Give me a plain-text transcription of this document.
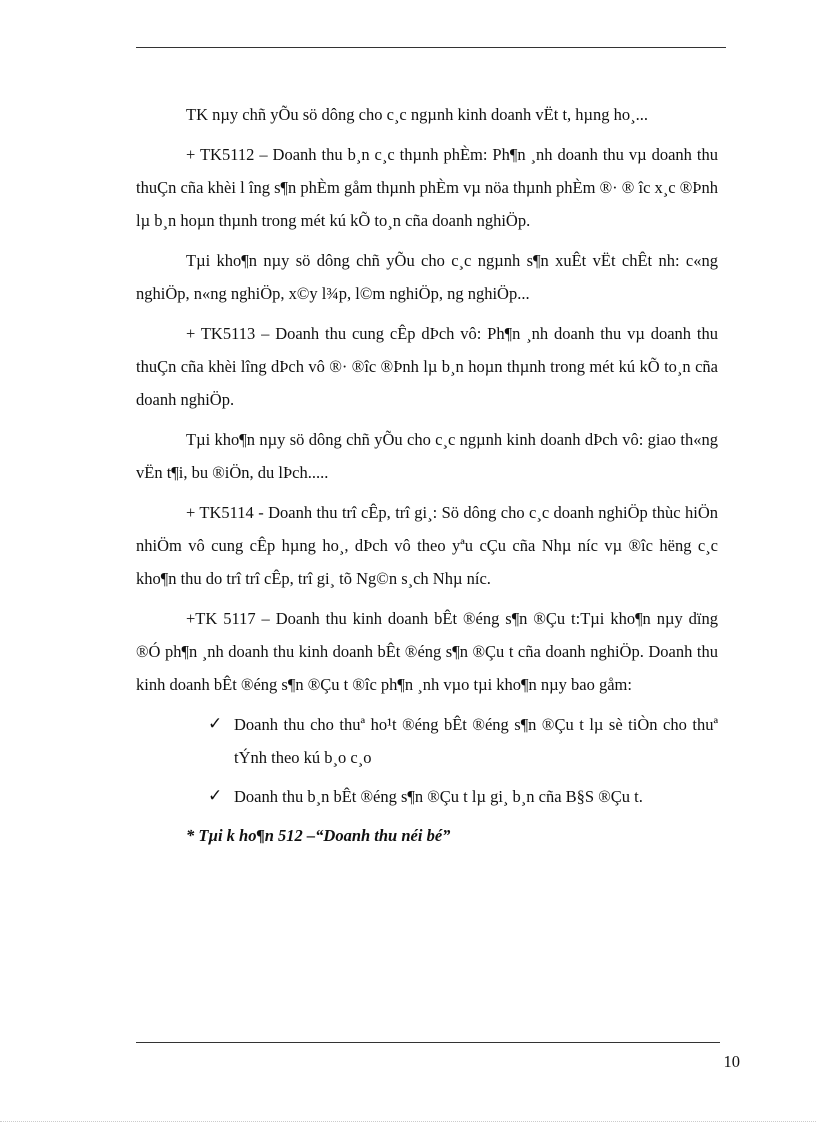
TK nµy chñ yÕu sö dông cho c¸c ngµnh kinh doanh vËt t, hµng ho¸...

+ TK5112 – Doanh thu b¸n c¸c thµnh phÈm: Ph¶n ¸nh doanh thu vµ doanh thu thuÇn cña khèi l îng s¶n phÈm gåm thµnh phÈm vµ nöa thµnh phÈm ®· ® îc x¸c ®Þnh lµ b¸n hoµn thµnh trong mét kú kÕ to¸n cña doanh nghiÖp.

Tµi kho¶n nµy sö dông chñ yÕu cho c¸c ngµnh s¶n xuÊt vËt chÊt nh: c«ng nghiÖp, n«ng nghiÖp, x©y l¾p, l©m nghiÖp, ng nghiÖp...

+ TK5113 – Doanh thu cung cÊp dÞch vô: Ph¶n ¸nh doanh thu vµ doanh thu thuÇn cña khèi lîng dÞch vô ®· ®îc ®Þnh lµ b¸n hoµn thµnh trong mét kú kÕ to¸n cña doanh nghiÖp.

Tµi kho¶n nµy sö dông chñ yÕu cho c¸c ngµnh kinh doanh dÞch vô: giao th«ng vËn t¶i, bu ®iÖn, du lÞch.....

+ TK5114 - Doanh thu trî cÊp, trî gi¸: Sö dông cho c¸c doanh nghiÖp thùc hiÖn nhiÖm vô cung cÊp hµng ho¸, dÞch vô theo yªu cÇu cña Nhµ níc vµ ®îc hëng c¸c kho¶n thu do trî trî cÊp, trî gi¸ tõ Ng©n s¸ch Nhµ níc.

+TK 5117 – Doanh thu kinh doanh bÊt ®éng s¶n ®Çu t:Tµi kho¶n nµy dïng ®Ó ph¶n ¸nh doanh thu kinh doanh bÊt ®éng s¶n ®Çu t cña doanh nghiÖp. Doanh thu kinh doanh bÊt ®éng s¶n ®Çu t ®îc ph¶n ¸nh vµo tµi kho¶n nµy bao gåm:

✓ Doanh thu cho thuª ho¹t ®éng bÊt ®éng s¶n ®Çu t lµ sè tiÒn cho thuª tÝnh theo kú b¸o c¸o
✓ Doanh thu b¸n bÊt ®éng s¶n ®Çu t lµ gi¸ b¸n cña B§S ®Çu t.

* Tµi k ho¶n 512 –“Doanh thu néi bé”

10
